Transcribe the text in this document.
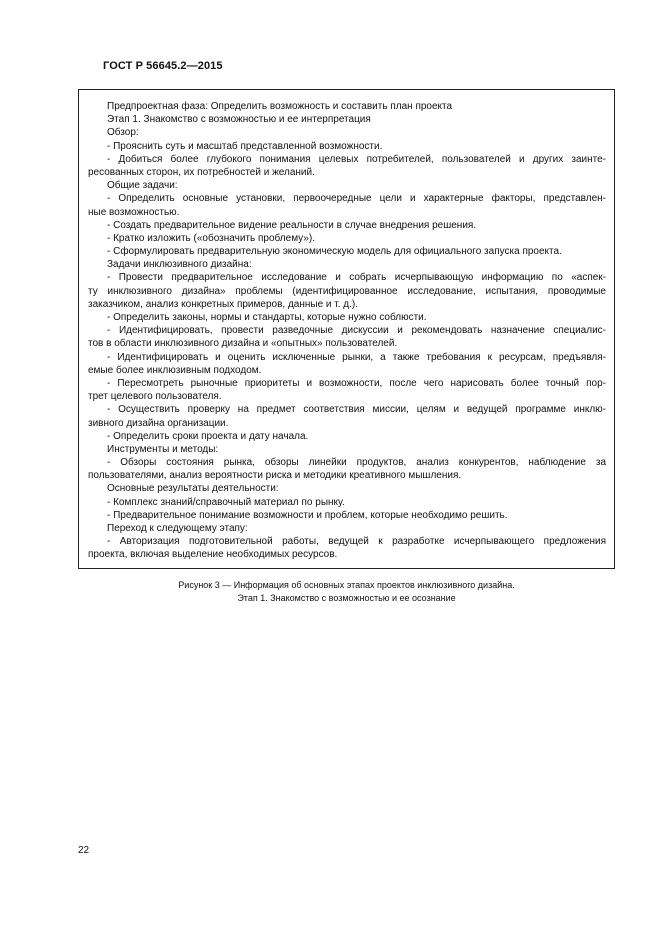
ГОСТ Р 56645.2—2015
Предпроектная фаза: Определить возможность и составить план проекта
Этап 1. Знакомство с возможностью и ее интерпретация
Обзор:
- Прояснить суть и масштаб представленной возможности.
- Добиться более глубокого понимания целевых потребителей, пользователей и других заинте-
ресованных сторон, их потребностей и желаний.
Общие задачи:
- Определить основные установки, первоочередные цели и характерные факторы, представлен-
ные возможностью.
- Создать предварительное видение реальности в случае внедрения решения.
- Кратко изложить («обозначить проблему»).
- Сформулировать предварительную экономическую модель для официального запуска проекта.
Задачи инклюзивного дизайна:
- Провести предварительное исследование и собрать исчерпывающую информацию по «аспек-
ту инклюзивного дизайна» проблемы (идентифицированное исследование, испытания, проводимые
заказчиком, анализ конкретных примеров, данные и т. д.).
- Определить законы, нормы и стандарты, которые нужно соблюсти.
- Идентифицировать, провести разведочные дискуссии и рекомендовать назначение специалис-
тов в области инклюзивного дизайна и «опытных» пользователей.
- Идентифицировать и оценить исключенные рынки, а также требования к ресурсам, предъявля-
емые более инклюзивным подходом.
- Пересмотреть рыночные приоритеты и возможности, после чего нарисовать более точный пор-
трет целевого пользователя.
- Осуществить проверку на предмет соответствия миссии, целям и ведущей программе инклю-
зивного дизайна организации.
- Определить сроки проекта и дату начала.
Инструменты и методы:
- Обзоры состояния рынка, обзоры линейки продуктов, анализ конкурентов, наблюдение за
пользователями, анализ вероятности риска и методики креативного мышления.
Основные результаты деятельности:
- Комплекс знаний/справочный материал по рынку.
- Предварительное понимание возможности и проблем, которые необходимо решить.
Переход к следующему этапу:
- Авторизация подготовительной работы, ведущей к разработке исчерпывающего предложения
проекта, включая выделение необходимых ресурсов.
Рисунок 3 — Информация об основных этапах проектов инклюзивного дизайна.
Этап 1. Знакомство с возможностью и ее осознание
22
